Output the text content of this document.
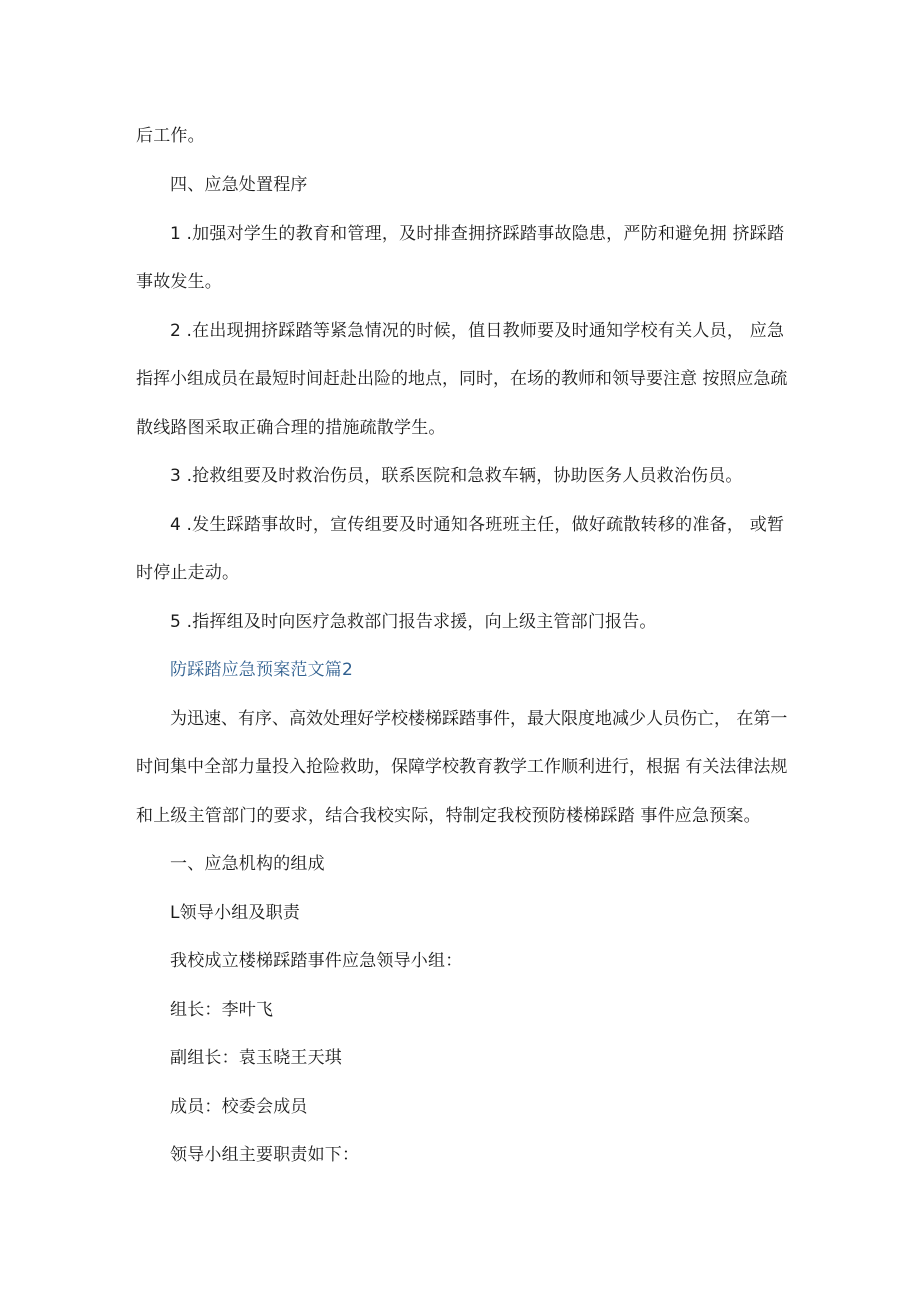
后工作。
四、应急处置程序
1 .加强对学生的教育和管理，及时排查拥挤踩踏事故隐患，严防和避免拥 挤踩踏
事故发生。
2 .在出现拥挤踩踏等紧急情况的时候，值日教师要及时通知学校有关人员， 应急
指挥小组成员在最短时间赶赴出险的地点，同时，在场的教师和领导要注意 按照应急疏
散线路图采取正确合理的措施疏散学生。
3 .抢救组要及时救治伤员，联系医院和急救车辆，协助医务人员救治伤员。
4 .发生踩踏事故时，宣传组要及时通知各班班主任，做好疏散转移的准备， 或暂
时停止走动。
5 .指挥组及时向医疗急救部门报告求援，向上级主管部门报告。
防踩踏应急预案范文篇2
为迅速、有序、高效处理好学校楼梯踩踏事件，最大限度地减少人员伤亡， 在第一
时间集中全部力量投入抢险救助，保障学校教育教学工作顺利进行，根据 有关法律法规
和上级主管部门的要求，结合我校实际，特制定我校预防楼梯踩踏 事件应急预案。
一、应急机构的组成
L领导小组及职责
我校成立楼梯踩踏事件应急领导小组：
组长：李叶飞
副组长：袁玉晓王天琪
成员：校委会成员
领导小组主要职责如下：
